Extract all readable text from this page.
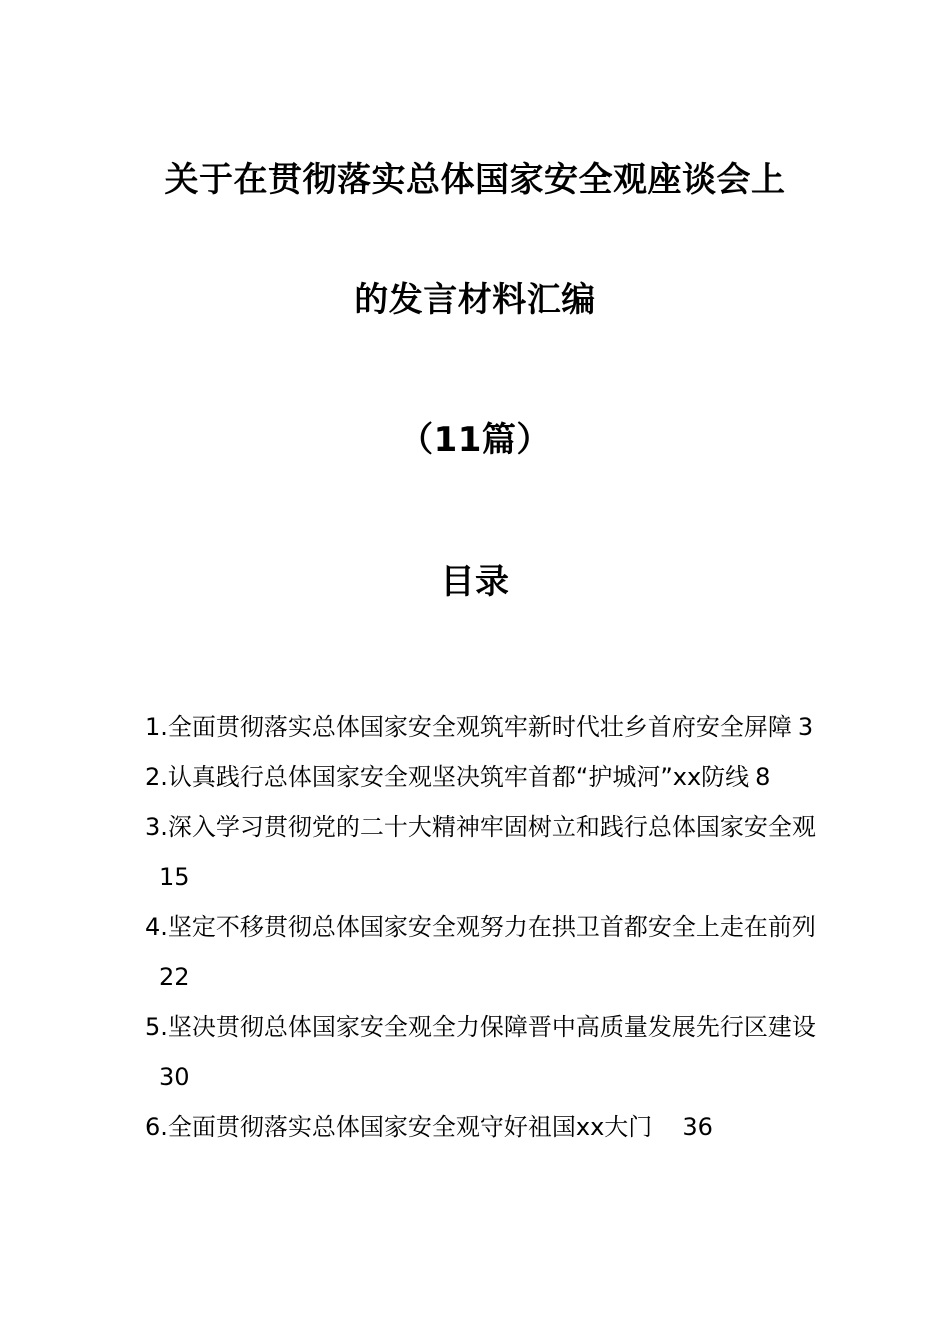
关于在贯彻落实总体国家安全观座谈会上
的发言材料汇编
（11篇）
目录

1.全面贯彻落实总体国家安全观筑牢新时代壮乡首府安全屏障 3

2.认真践行总体国家安全观坚决筑牢首都“护城河”xx防线 8

3.深入学习贯彻党的二十大精神牢固树立和践行总体国家安全观15

4.坚定不移贯彻总体国家安全观努力在拱卫首都安全上走在前列22

5.坚决贯彻总体国家安全观全力保障晋中高质量发展先行区建设30

6.全面贯彻落实总体国家安全观守好祖国xx大门 36
